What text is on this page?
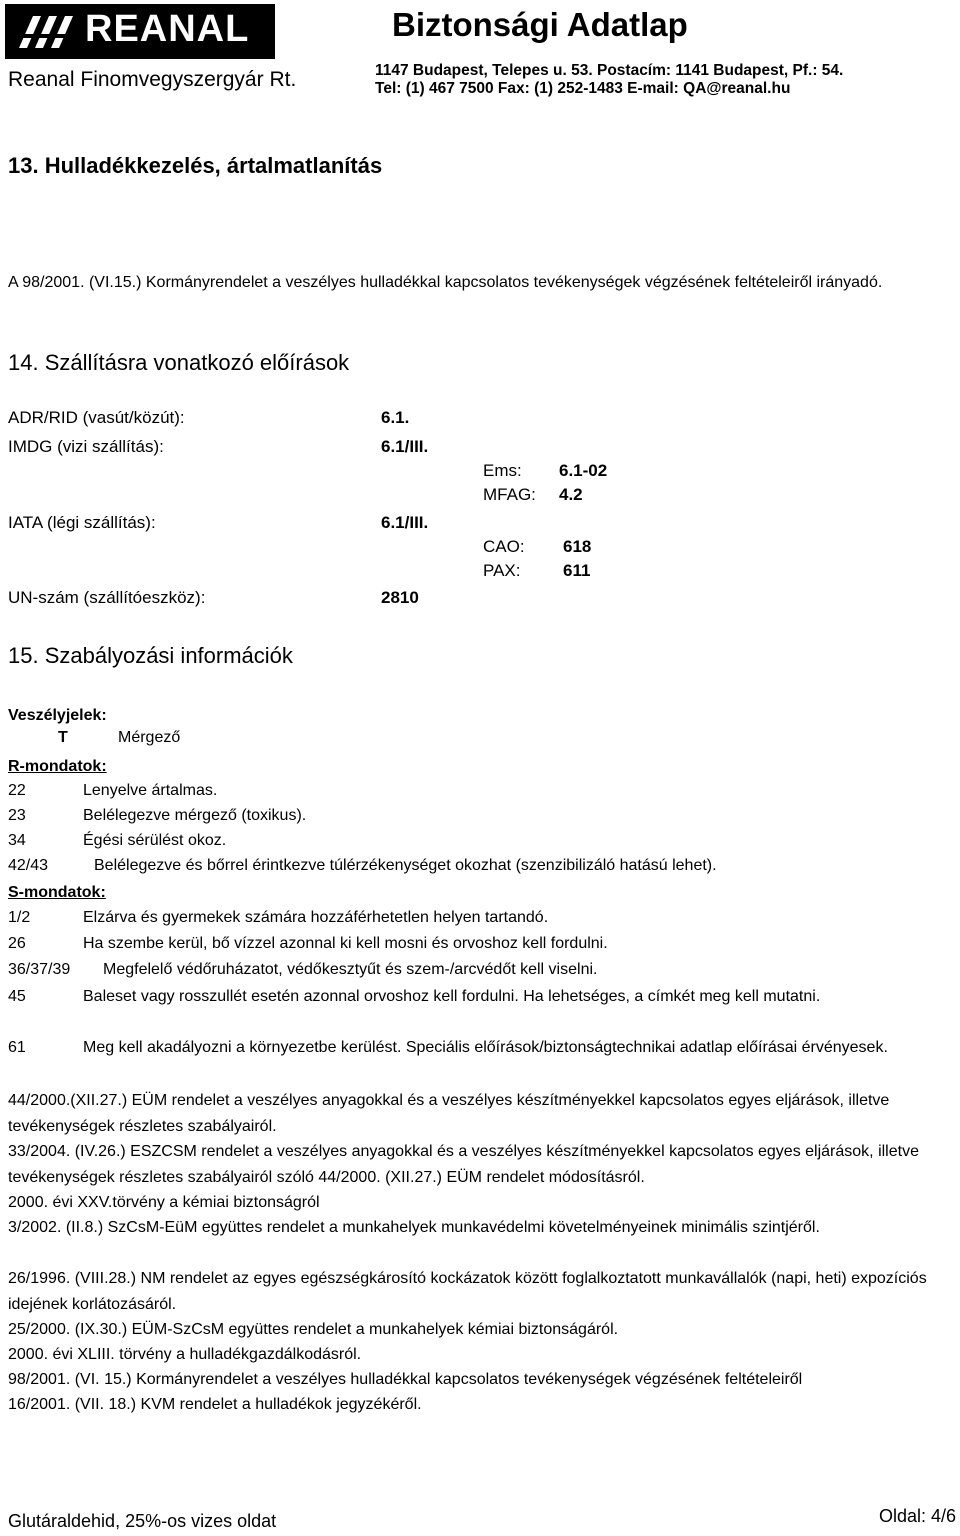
REANAL	Biztonsági Adatlap
Reanal Finomvegyszergyár Rt.	1147 Budapest, Telepes u. 53. Postacím: 1141 Budapest, Pf.: 54.
Tel: (1) 467 7500 Fax: (1) 252-1483 E-mail: QA@reanal.hu
13. Hulladékkezelés, ártalmatlanítás
A 98/2001. (VI.15.) Kormányrendelet a veszélyes hulladékkal kapcsolatos tevékenységek végzésének feltételeiről irányadó.
14. Szállításra vonatkozó előírások
ADR/RID (vasút/közút):	6.1.
IMDG (vizi szállítás):	6.1/III.
Ems: 6.1-02
MFAG: 4.2
IATA (légi szállítás):	6.1/III.
CAO: 618
PAX:	611
UN-szám (szállítóeszköz):	2810
15. Szabályozási információk
Veszélyjelek:
T	Mérgező
R-mondatok:
22	Lenyelve ártalmas.
23	Belélegezve mérgező (toxikus).
34	Égési sérülést okoz.
42/43	Belélegezve és bőrrel érintkezve túlérzékenységet okozhat (szenzibilizáló hatású lehet).
S-mondatok:
1/2	Elzárva és gyermekek számára hozzáférhetetlen helyen tartandó.
26	Ha szembe kerül, bő vízzel azonnal ki kell mosni és orvoshoz kell fordulni.
36/37/39 Megfelelő védőruházatot, védőkesztyűt és szem-/arcvédőt kell viselni.
45	Baleset vagy rosszullét esetén azonnal orvoshoz kell fordulni. Ha lehetséges, a címkét meg kell mutatni.
61	Meg kell akadályozni a környezetbe kerülést. Speciális előírások/biztonságtechnikai adatlap előírásai érvényesek.
44/2000.(XII.27.) EÜM rendelet a veszélyes anyagokkal és a veszélyes készítményekkel kapcsolatos egyes eljárások, illetve tevékenységek részletes szabályairól.
33/2004. (IV.26.) ESZCSM rendelet a veszélyes anyagokkal és a veszélyes készítményekkel kapcsolatos egyes eljárások, illetve tevékenységek részletes szabályairól szóló 44/2000. (XII.27.) EÜM rendelet módosításról.
2000. évi XXV.törvény a kémiai biztonságról
3/2002. (II.8.) SzCsM-EüM együttes rendelet a munkahelyek munkavédelmi követelményeinek minimális szintjéről.
26/1996. (VIII.28.) NM rendelet az egyes egészségkárosító kockázatok között foglalkoztatott munkavállalók (napi, heti) expozíciós idejének korlátozásáról.
25/2000. (IX.30.) EÜM-SzCsM együttes rendelet a munkahelyek kémiai biztonságáról.
2000. évi XLIII. törvény a hulladékgazdálkodásról.
98/2001. (VI. 15.) Kormányrendelet a veszélyes hulladékkal kapcsolatos tevékenységek végzésének feltételeiről
16/2001. (VII. 18.) KVM rendelet a hulladékok jegyzékéről.
Glutáraldehid, 25%-os vizes oldat	Oldal: 4/6
